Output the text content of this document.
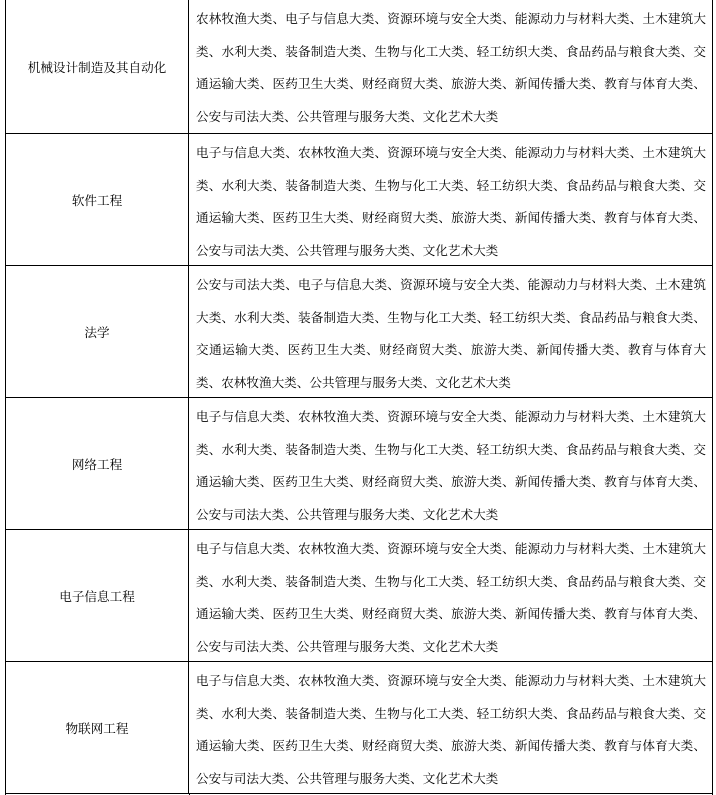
机械设计制造及其自动化
农林牧渔大类、电子与信息大类、资源环境与安全大类、能源动力与材料大类、土木建筑大类、水利大类、装备制造大类、生物与化工大类、轻工纺织大类、食品药品与粮食大类、交通运输大类、医药卫生大类、财经商贸大类、旅游大类、新闻传播大类、教育与体育大类、公安与司法大类、公共管理与服务大类、文化艺术大类
软件工程
电子与信息大类、农林牧渔大类、资源环境与安全大类、能源动力与材料大类、土木建筑大类、水利大类、装备制造大类、生物与化工大类、轻工纺织大类、食品药品与粮食大类、交通运输大类、医药卫生大类、财经商贸大类、旅游大类、新闻传播大类、教育与体育大类、公安与司法大类、公共管理与服务大类、文化艺术大类
法学
公安与司法大类、电子与信息大类、资源环境与安全大类、能源动力与材料大类、土木建筑大类、水利大类、装备制造大类、生物与化工大类、轻工纺织大类、食品药品与粮食大类、交通运输大类、医药卫生大类、财经商贸大类、旅游大类、新闻传播大类、教育与体育大类、农林牧渔大类、公共管理与服务大类、文化艺术大类
网络工程
电子与信息大类、农林牧渔大类、资源环境与安全大类、能源动力与材料大类、土木建筑大类、水利大类、装备制造大类、生物与化工大类、轻工纺织大类、食品药品与粮食大类、交通运输大类、医药卫生大类、财经商贸大类、旅游大类、新闻传播大类、教育与体育大类、公安与司法大类、公共管理与服务大类、文化艺术大类
电子信息工程
电子与信息大类、农林牧渔大类、资源环境与安全大类、能源动力与材料大类、土木建筑大类、水利大类、装备制造大类、生物与化工大类、轻工纺织大类、食品药品与粮食大类、交通运输大类、医药卫生大类、财经商贸大类、旅游大类、新闻传播大类、教育与体育大类、公安与司法大类、公共管理与服务大类、文化艺术大类
物联网工程
电子与信息大类、农林牧渔大类、资源环境与安全大类、能源动力与材料大类、土木建筑大类、水利大类、装备制造大类、生物与化工大类、轻工纺织大类、食品药品与粮食大类、交通运输大类、医药卫生大类、财经商贸大类、旅游大类、新闻传播大类、教育与体育大类、公安与司法大类、公共管理与服务大类、文化艺术大类
